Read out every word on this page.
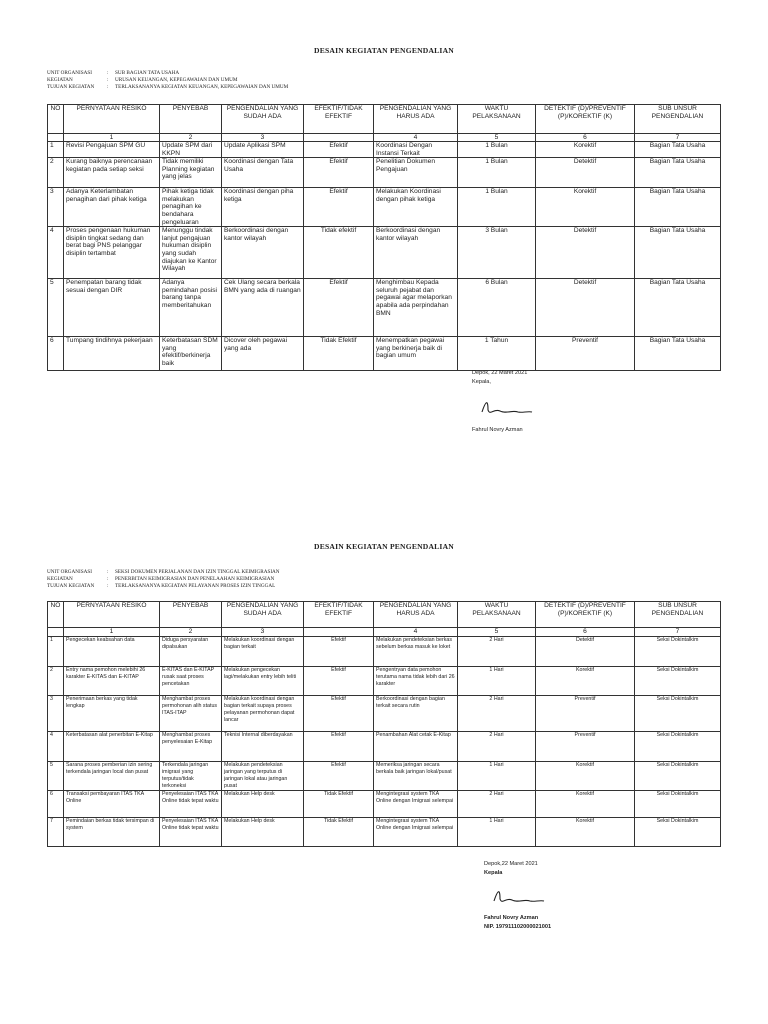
DESAIN KEGIATAN PENGENDALIAN
UNIT ORGANISASI	:	SUB BAGIAN TATA USAHA
KEGIATAN	:	URUSAN KEUANGAN, KEPEGAWAIAN DAN UMUM
TUJUAN KEGIATAN	:	TERLAKSANANYA KEGIATAN KEUANGAN, KEPEGAWAIAN DAN UMUM
NO	PERNYATAAN RESIKO	PENYEBAB	PENGENDALIAN YANG SUDAH ADA	EFEKTIF/TIDAK EFEKTIF	PENGENDALIAN YANG HARUS ADA	WAKTU PELAKSANAAN	DETEKTIF (D)/PREVENTIF (P)/KOREKTIF (K)	SUB UNSUR PENGENDALIAN
	1	2	3		4	5	6	7
1	Revisi Pengajuan SPM GU	Update SPM dari KKPN	Update Aplikasi SPM	Efektif	Koordinasi Dengan Instansi Terkait	1 Bulan	Korektif	Bagian Tata Usaha
2	Kurang baiknya perencanaan kegiatan pada setiap seksi	Tidak memiliki Planning kegiatan yang jelas	Koordinasi dengan Tata Usaha	Efektif	Penelitian Dokumen Pengajuan	1 Bulan	Detektif	Bagian Tata Usaha
3	Adanya Keterlambatan penagihan dari pihak ketiga	Pihak ketiga tidak melakukan penagihan ke bendahara pengeluaran	Koordinasi dengan piha ketiga	Efektif	Melakukan Koordinasi dengan pihak ketiga	1 Bulan	Korektif	Bagian Tata Usaha
4	Proses pengenaan hukuman disiplin tingkat sedang dan berat bagi PNS pelanggar disiplin tertambat	Menunggu tindak lanjut pengajuan hukuman disiplin yang sudah diajukan ke Kantor Wilayah	Berkoordinasi dengan kantor wilayah	Tidak efektif	Berkoordinasi dengan kantor wilayah	3 Bulan	Detektif	Bagian Tata Usaha
5	Penempatan barang tidak sesuai dengan DIR	Adanya pemindahan posisi barang tanpa memberitahukan	Cek Ulang secara berkala BMN yang ada di ruangan	Efektif	Menghimbau Kepada seluruh pejabat dan pegawai agar melaporkan apabila ada perpindahan BMN	6 Bulan	Detektif	Bagian Tata Usaha
6	Tumpang tindihnya pekerjaan	Keterbatasan SDM yang efektif/berkinerja baik	Dicover oleh pegawai yang ada	Tidak Efektif	Menempatkan pegawai yang berkinerja baik di bagian umum	1 Tahun	Preventif	Bagian Tata Usaha
Depok, 22 Maret 2021
Kepala,
Fahrul Novry Azman
DESAIN KEGIATAN PENGENDALIAN
UNIT ORGANISASI	:	SEKSI DOKUMEN PERJALANAN DAN IZIN TINGGAL KEIMIGRASIAN
KEGIATAN	:	PENERBITAN KEIMIGRASIAN DAN PENELAAHAN KEIMIGRASIAN
TUJUAN KEGIATAN	:	TERLAKSANANYA KEGIATAN PELAYANAN PROSES IZIN TINGGAL
NO	PERNYATAAN RESIKO	PENYEBAB	PENGENDALIAN YANG SUDAH ADA	EFEKTIF/TIDAK EFEKTIF	PENGENDALIAN YANG HARUS ADA	WAKTU PELAKSANAAN	DETEKTIF (D)/PREVENTIF (P)/KOREKTIF (K)	SUB UNSUR PENGENDALIAN
	1	2	3		4	5	6	7
1	Pengecekan keabsahan data	Diduga persyaratan dipalsukan	Melakukan koordinasi dengan bagian terkait	Efektif	Melakukan pendeteksian berkas sebelum berkas masuk ke loket	2 Hari	Detektif	Seksi Dokintalkim
2	Entry nama pemohon melebihi 26 karakter E-KITAS dan E-KITAP	E-KITAS dan E-KITAP rusak saat proses pencetakan	Melakukan pengecekan lagi/melakukan entry lebih teliti	Efektif	Pengentryan data pemohon terutama nama tidak lebih dari 26 karakter	1 Hari	Korektif	Seksi Dokintalkim
3	Penerimaan berkas yang tidak lengkap	Menghambat proses permohonan alih status ITAS-ITAP	Melakukan koordinasi dengan bagian terkait supaya proses pelayanan permohonan dapat lancar	Efektif	Berkoordinasi dengan bagian terkait secara rutin	2 Hari	Preventif	Seksi Dokintalkim
4	Keterbatasan alat penerbitan E-Kitap	Menghambat proses penyelesaian E-Kitap	Teknisi Internal diberdayakan	Efektif	Penambahan Alat cetak E-Kitap	2 Hari	Preventif	Seksi Dokintalkim
5	Sarana proses pemberian izin sering terkendala jaringan local dan pusat	Terkendala jaringan imigrasi yang terputus/tidak terkoneksi	Melakukan pendeteksian jaringan yang terputus di jaringan lokal atau jaringan pusat	Efektif	Memeriksa jaringan secara berkala baik jaringan lokal/pusat	1 Hari	Korektif	Seksi Dokintalkim
6	Transaksi pembayaran ITAS TKA Online	Penyelesaian ITAS TKA Online tidak tepat waktu	Melakukan Help desk	Tidak Efektif	Mengintegrasi system TKA Online dengan Imigrasi selempai	2 Hari	Korektif	Seksi Dokintalkim
7	Pemindaian berkas tidak tersimpan di system	Penyelesaian ITAS TKA Online tidak tepat waktu	Melakukan Help desk	Tidak Efektif	Mengintegrasi system TKA Online dengan Imigrasi selempai	1 Hari	Korektif	Seksi Dokintalkim
Depok,22 Maret 2021
Kepala
Fahrul Novry Azman
NIP. 197911102000021001
